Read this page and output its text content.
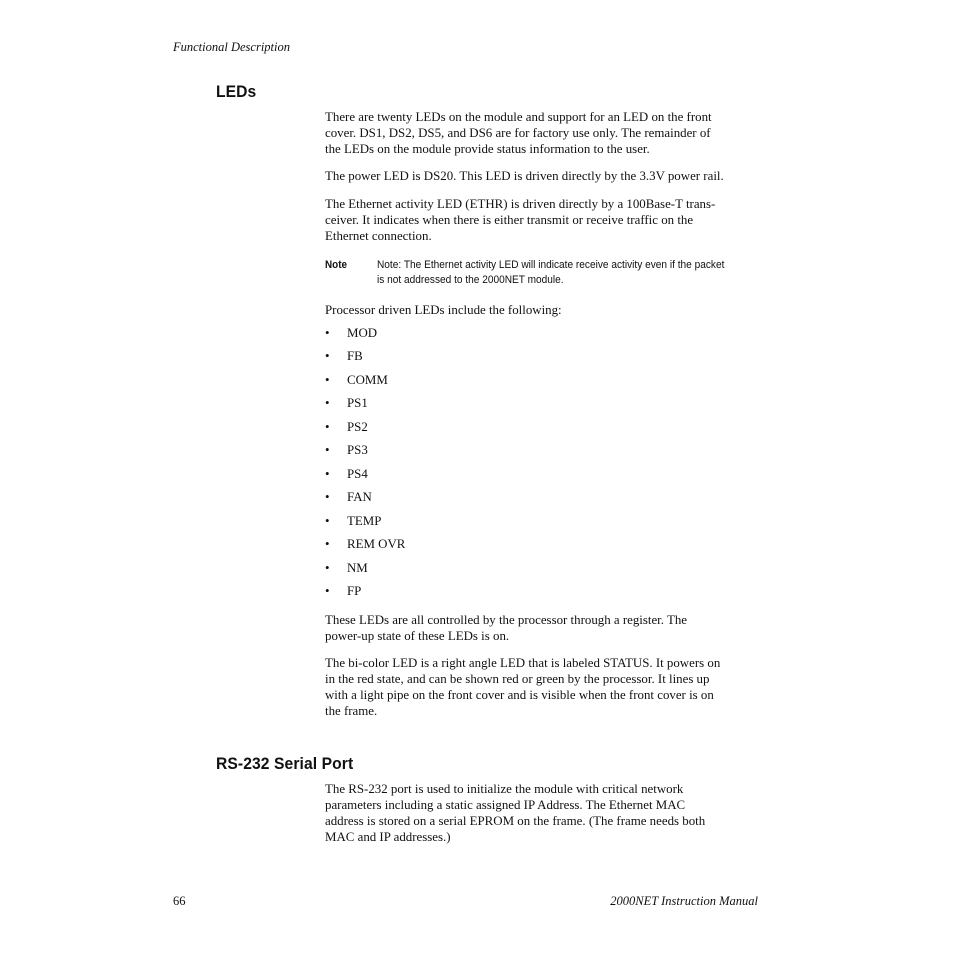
Functional Description
LEDs

There are twenty LEDs on the module and support for an LED on the front

cover. DS1, DS2, DS5, and DS6 are for factory use only. The remainder of

the LEDs on the module provide status information to the user.

The power LED is DS20. This LED is driven directly by the 3.3V power rail.

The Ethernet activity LED (ETHR) is driven directly by a 100Base-T trans-

ceiver. It indicates when there is either transmit or receive traffic on the

Ethernet connection.

Note	Note: The Ethernet activity LED will indicate receive activity even if the packet
is not addressed to the 2000NET module.

Processor driven LEDs include the following:

• MOD
• FB
• COMM
• PS1
• PS2
• PS3
• PS4
• FAN
• TEMP
• REM OVR
• NM
• FP

These LEDs are all controlled by the processor through a register. The

power-up state of these LEDs is on.

The bi-color LED is a right angle LED that is labeled STATUS. It powers on

in the red state, and can be shown red or green by the processor. It lines up

with a light pipe on the front cover and is visible when the front cover is on

the frame.

RS-232 Serial Port

The RS-232 port is used to initialize the module with critical network

parameters including a static assigned IP Address. The Ethernet MAC

address is stored on a serial EPROM on the frame. (The frame needs both

MAC and IP addresses.)

66	2000NET Instruction Manual
